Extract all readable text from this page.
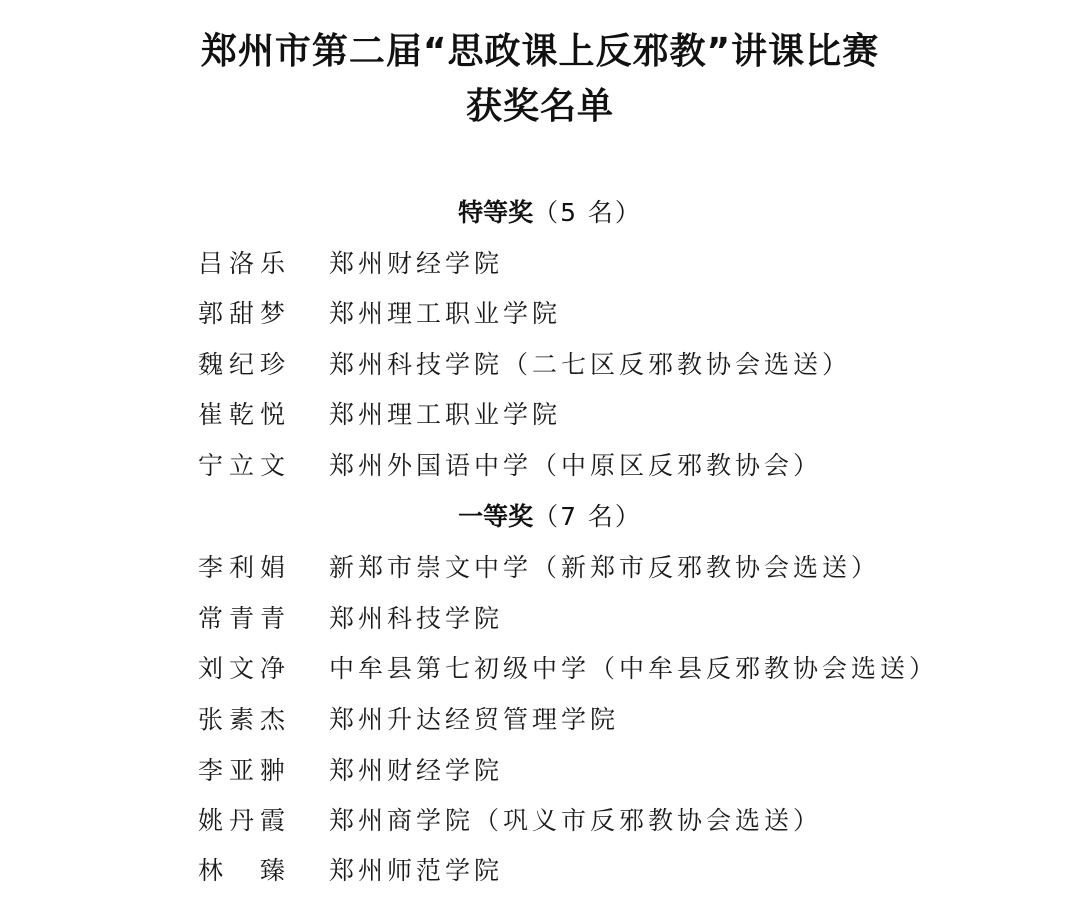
郑州市第二届“思政课上反邪教”讲课比赛
获奖名单
特等奖（5 名）
吕洛乐 郑州财经学院
郭甜梦 郑州理工职业学院
魏纪珍 郑州科技学院（二七区反邪教协会选送）
崔乾悦 郑州理工职业学院
宁立文 郑州外国语中学（中原区反邪教协会）
一等奖（7 名）
李利娟 新郑市崇文中学（新郑市反邪教协会选送）
常青青 郑州科技学院
刘文净 中牟县第七初级中学（中牟县反邪教协会选送）
张素杰 郑州升达经贸管理学院
李亚翀 郑州财经学院
姚丹霞 郑州商学院（巩义市反邪教协会选送）
林　臻 郑州师范学院
